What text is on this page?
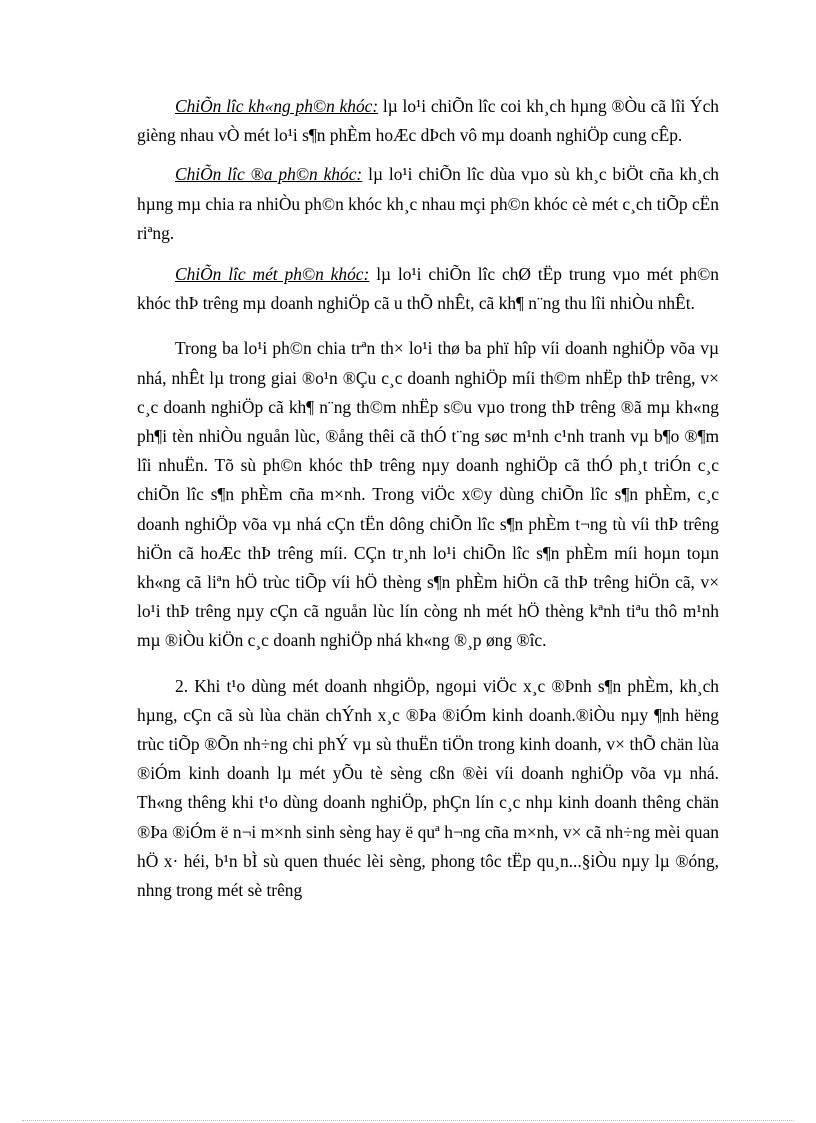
ChiÕn lîc kh«ng ph©n khóc: lµ lo¹i chiÕn lîc coi kh¸ch hµng ®Òu cã lîi Ých gièng nhau vÒ mét lo¹i s¶n phÈm hoÆc dÞch vô mµ doanh nghiÖp cung cÊp.

ChiÕn lîc ®a ph©n khóc: lµ lo¹i chiÕn lîc dùa vµo sù kh¸c biÖt cña kh¸ch hµng mµ chia ra nhiÒu ph©n khóc kh¸c nhau mçi ph©n khóc cè mét c¸ch tiÕp cËn riªng.

ChiÕn lîc mét ph©n khóc: lµ lo¹i chiÕn lîc chØ tËp trung vµo mét ph©n khóc thÞ trêng mµ doanh nghiÖp cã u thÕ nhÊt, cã kh¶ n¨ng thu lîi nhiÒu nhÊt.

Trong ba lo¹i ph©n chia trªn th× lo¹i thø ba phï hîp víi doanh nghiÖp võa vµ nhá, nhÊt lµ trong giai ®o¹n ®Çu c¸c doanh nghiÖp míi th©m nhËp thÞ trêng, v× c¸c doanh nghiÖp cã kh¶ n¨ng th©m nhËp s©u vµo trong thÞ trêng ®ã mµ kh«ng ph¶i tèn nhiÒu nguån lùc, ®ång thêi cã thÓ t¨ng søc m¹nh c¹nh tranh vµ b¶o ®¶m lîi nhuËn. Tõ sù ph©n khóc thÞ trêng nµy doanh nghiÖp cã thÓ ph¸t triÓn c¸c chiÕn lîc s¶n phÈm cña m×nh. Trong viÖc x©y dùng chiÕn lîc s¶n phÈm, c¸c doanh nghiÖp võa vµ nhá cÇn tËn dông chiÕn lîc s¶n phÈm t¬ng tù víi thÞ trêng hiÖn cã hoÆc thÞ trêng míi. CÇn tr¸nh lo¹i chiÕn lîc s¶n phÈm míi hoµn toµn kh«ng cã liªn hÖ trùc tiÕp víi hÖ thèng s¶n phÈm hiÖn cã thÞ trêng hiÖn cã, v× lo¹i thÞ trêng nµy cÇn cã nguån lùc lín còng nh mét hÖ thèng kªnh tiªu thô m¹nh mµ ®iÒu kiÖn c¸c doanh nghiÖp nhá kh«ng ®¸p øng ®îc.

2. Khi t¹o dùng mét doanh nhgiÖp, ngoµi viÖc x¸c ®Þnh s¶n phÈm, kh¸ch hµng, cÇn cã sù lùa chän chÝnh x¸c ®Þa ®iÓm kinh doanh.®iÒu nµy ¶nh hëng trùc tiÕp ®Õn nh÷ng chi phÝ vµ sù thuËn tiÖn trong kinh doanh, v× thÕ chän lùa ®iÓm kinh doanh lµ mét yÕu tè sèng cßn ®èi víi doanh nghiÖp võa vµ nhá. Th«ng thêng khi t¹o dùng doanh nghiÖp, phÇn lín c¸c nhµ kinh doanh thêng chän ®Þa ®iÓm ë n¬i m×nh sinh sèng hay ë quª h¬ng cña m×nh, v× cã nh÷ng mèi quan hÖ x· héi, b¹n bÌ sù quen thuéc lèi sèng, phong tôc tËp qu¸n...§iÒu nµy lµ ®óng, nhng trong mét sè trêng
